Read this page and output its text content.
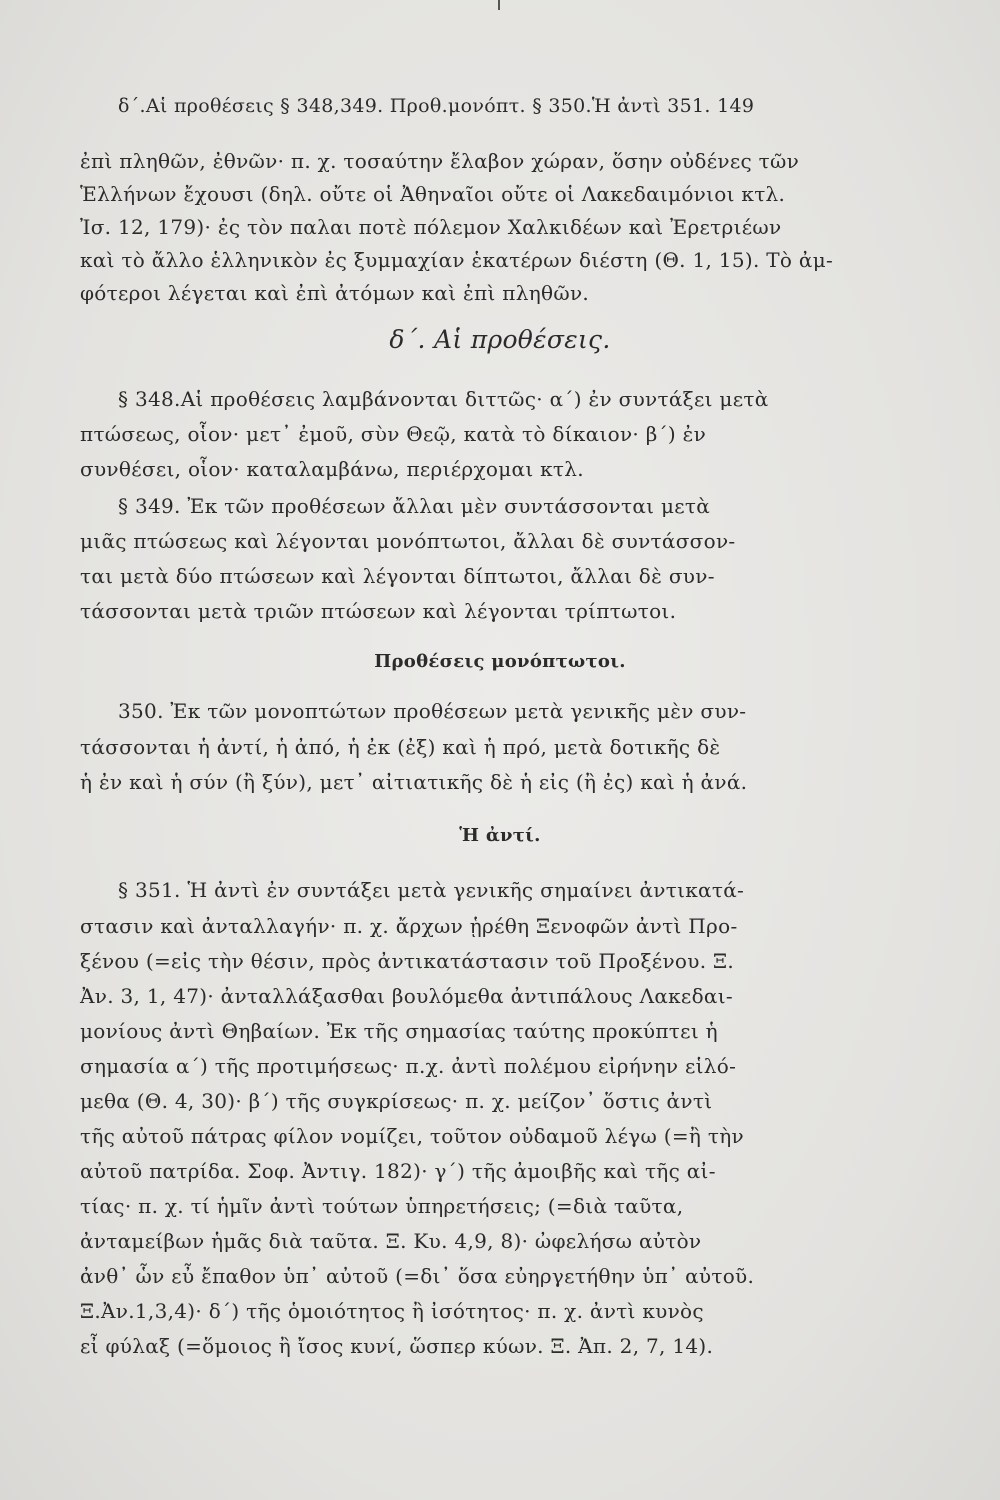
δ΄.Αἱ προθέσεις § 348,349. Προθ.μονόπτ. § 350.Ἡ ἀντὶ 351. 149
ἐπὶ πληθῶν, ἐθνῶν· π. χ. τοσαύτην ἔλαβον χώραν, ὅσην οὐδένες τῶν
Ἑλλήνων ἔχουσι (δηλ. οὔτε οἱ Ἀθηναῖοι οὔτε οἱ Λακεδαιμόνιοι κτλ.
Ἰσ. 12, 179)· ἐς τὸν παλαι ποτὲ πόλεμον Χαλκιδέων καὶ Ἐρετριέων
καὶ τὸ ἄλλο ἑλληνικὸν ἐς ξυμμαχίαν ἑκατέρων διέστη (Θ. 1, 15). Τὸ ἀμ-
φότεροι λέγεται καὶ ἐπὶ ἀτόμων καὶ ἐπὶ πληθῶν.
δ΄. Αἱ προθέσεις.
§ 348.Αἱ προθέσεις λαμβάνονται διττῶς· α΄) ἐν συντάξει μετὰ
πτώσεως, οἷον· μετ᾽ ἐμοῦ, σὺν Θεῷ, κατὰ τὸ δίκαιον· β΄) ἐν
συνθέσει, οἷον· καταλαμβάνω, περιέρχομαι κτλ.
§ 349. Ἐκ τῶν προθέσεων ἄλλαι μὲν συντάσσονται μετὰ
μιᾶς πτώσεως καὶ λέγονται μονόπτωτοι, ἄλλαι δὲ συντάσσον-
ται μετὰ δύο πτώσεων καὶ λέγονται δίπτωτοι, ἄλλαι δὲ συν-
τάσσονται μετὰ τριῶν πτώσεων καὶ λέγονται τρίπτωτοι.
Προθέσεις μονόπτωτοι.
350. Ἐκ τῶν μονοπτώτων προθέσεων μετὰ γενικῆς μὲν συν-
τάσσονται ἡ ἀντί, ἡ ἀπό, ἡ ἐκ (ἐξ) καὶ ἡ πρό, μετὰ δοτικῆς δὲ
ἡ ἐν καὶ ἡ σύν (ἢ ξύν), μετ᾽ αἰτιατικῆς δὲ ἡ εἰς (ἢ ἐς) καὶ ἡ ἀνά.
Ἡ ἀντί.
§ 351. Ἡ ἀντὶ ἐν συντάξει μετὰ γενικῆς σημαίνει ἀντικατά-
στασιν καὶ ἀνταλλαγήν· π. χ. ἄρχων ᾑρέθη Ξενοφῶν ἀντὶ Προ-
ξένου (=εἰς τὴν θέσιν, πρὸς ἀντικατάστασιν τοῦ Προξένου. Ξ.
Ἀν. 3, 1, 47)· ἀνταλλάξασθαι βουλόμεθα ἀντιπάλους Λακεδαι-
μονίους ἀντὶ Θηβαίων. Ἐκ τῆς σημασίας ταύτης προκύπτει ἡ
σημασία α΄) τῆς προτιμήσεως· π.χ. ἀντὶ πολέμου εἰρήνην εἱλό-
μεθα (Θ. 4, 30)· β΄) τῆς συγκρίσεως· π. χ. μείζον᾽ ὅστις ἀντὶ
τῆς αὐτοῦ πάτρας φίλον νομίζει, τοῦτον οὐδαμοῦ λέγω (=ἢ τὴν
αὐτοῦ πατρίδα. Σοφ. Ἀντιγ. 182)· γ΄) τῆς ἀμοιβῆς καὶ τῆς αἰ-
τίας· π. χ. τί ἡμῖν ἀντὶ τούτων ὑπηρετήσεις; (=διὰ ταῦτα,
ἀνταμείβων ἡμᾶς διὰ ταῦτα. Ξ. Κυ. 4,9, 8)· ὠφελήσω αὐτὸν
ἀνθ᾽ ὧν εὖ ἔπαθον ὑπ᾽ αὐτοῦ (=δι᾽ ὅσα εὐηργετήθην ὑπ᾽ αὐτοῦ.
Ξ.Ἀν.1,3,4)· δ΄) τῆς ὁμοιότητος ἢ ἰσότητος· π. χ. ἀντὶ κυνὸς
εἶ φύλαξ (=ὅμοιος ἢ ἴσος κυνί, ὥσπερ κύων. Ξ. Ἀπ. 2, 7, 14).
